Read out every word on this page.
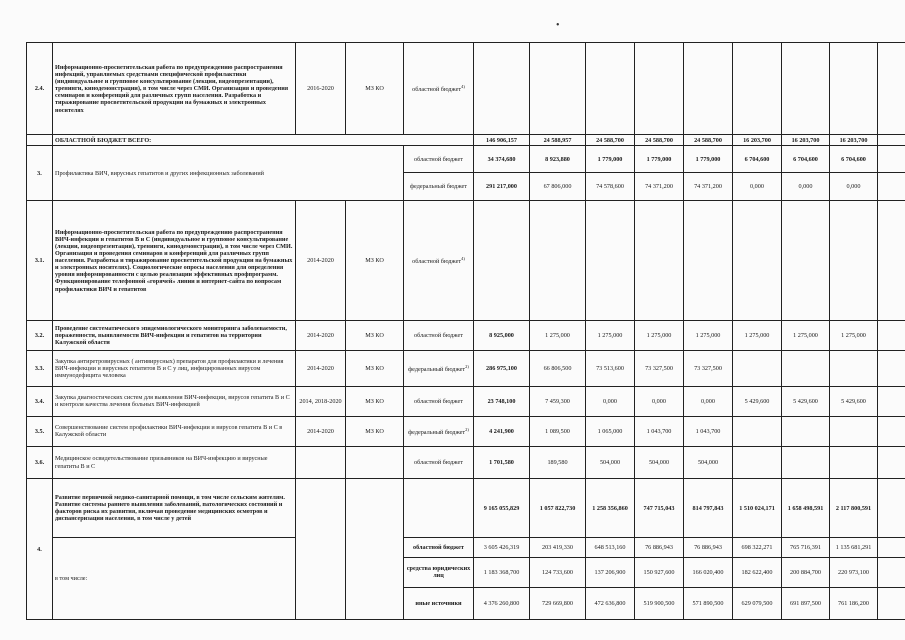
•
2.4.	Информационно-просветительская работа по предупреждению распространения инфекций, управляемых средствами специфической профилактики (индивидуальное и групповое консультирование (лекции, видеопрезентации), тренинги, кинодемонстрации), в том числе через СМИ. Организация и проведения семинаров и конференций для различных групп населения. Разработка и тиражирование просветительской продукции на бумажных и электронных носителях	2016-2020	МЗ КО	областной бюджет$^{4)}$									
	ОБЛАСТНОЙ БЮДЖЕТ ВСЕГО:				146 906,157	24 588,957	24 588,700	24 588,700	24 588,700	16 203,700	16 203,700	16 203,700	
3.	Профилактика ВИЧ, вирусных гепатитов и других инфекционных заболеваний			областной бюджет	34 374,680	8 923,880	1 779,000	1 779,000	1 779,000	6 704,600	6 704,600	6 704,600	
				федеральный бюджет	291 217,000	67 806,000	74 578,600	74 371,200	74 371,200	0,000	0,000	0,000	
3.1.	Информационно-просветительская работа по предупреждению распространения ВИЧ-инфекции и гепатитов В и С (индивидуальное и групповое консультирование (лекции, видеопрезентации), тренинги, кинодемонстрации), в том числе через СМИ. Организация и проведения семинаров и конференций для различных групп населения. Разработка и тиражирование просветительской продукции на бумажных и электронных носителях). Социологические опросы населения для определения уровня информированности с целью реализации эффективных профпрограмм. Функционирование телефонной «горячей» линии и интернет-сайта по вопросам профилактики ВИЧ и гепатитов	2014-2020	МЗ КО	областной бюджет$^{4)}$									
3.2.	Проведение систематического эпидемиологического мониторинга заболеваемости, пораженности, выявляемости ВИЧ-инфекции и гепатитов на территории Калужской области	2014-2020	МЗ КО	областной бюджет	8 925,000	1 275,000	1 275,000	1 275,000	1 275,000	1 275,000	1 275,000	1 275,000	
3.3.	Закупка антиретровирусных ( антивирусных) препаратов для профилактики и лечения ВИЧ-инфекции и вирусных гепатитов В и С у лиц, инфицированных вирусом иммунодефицита человека	2014-2020	МЗ КО	федеральный бюджет$^{2)}$	286 975,100	66 806,500	73 513,600	73 327,500	73 327,500				
3.4.	Закупка диагностических систем для выявления ВИЧ-инфекции, вирусов гепатита В и С и контроля качества лечения больных ВИЧ-инфекцией	2014, 2018-2020	МЗ КО	областной бюджет	23 748,100	7 459,300	0,000	0,000	0,000	5 429,600	5 429,600	5 429,600	
3.5.	Совершенствование систем профилактики ВИЧ-инфекции и вирусов гепатита В и С в Калужской области	2014-2020	МЗ КО	федеральный бюджет$^{2)}$	4 241,900	1 089,500	1 065,000	1 043,700	1 043,700				
3.6.	Медицинское освидетельствование призывников на ВИЧ-инфекцию и вирусные гепатиты В и С			областной бюджет	1 701,580	189,580	504,000	504,000	504,000				
4.	Развитие первичной медико-санитарной помощи, в том числе сельским жителям. Развитие системы раннего выявления заболеваний, патологических состояний и факторов риска их развития, включая проведение медицинских осмотров и диспансеризации населения, в том числе у детей				9 165 055,829	1 057 822,730	1 258 356,860	747 715,043	814 797,843	1 510 024,171	1 658 498,591	2 117 800,591	
	в том числе:			областной бюджет	3 605 426,319	203 419,330	648 513,160	76 886,943	76 886,943	698 322,271	765 716,391	1 135 681,291	
				средства юридических лиц	1 183 368,700	124 733,600	137 206,900	150 927,600	166 020,400	182 622,400	200 884,700	220 973,100	
				иные источники	4 376 260,800	729 669,800	472 636,800	519 900,500	571 890,500	629 079,500	691 897,500	761 186,200	
